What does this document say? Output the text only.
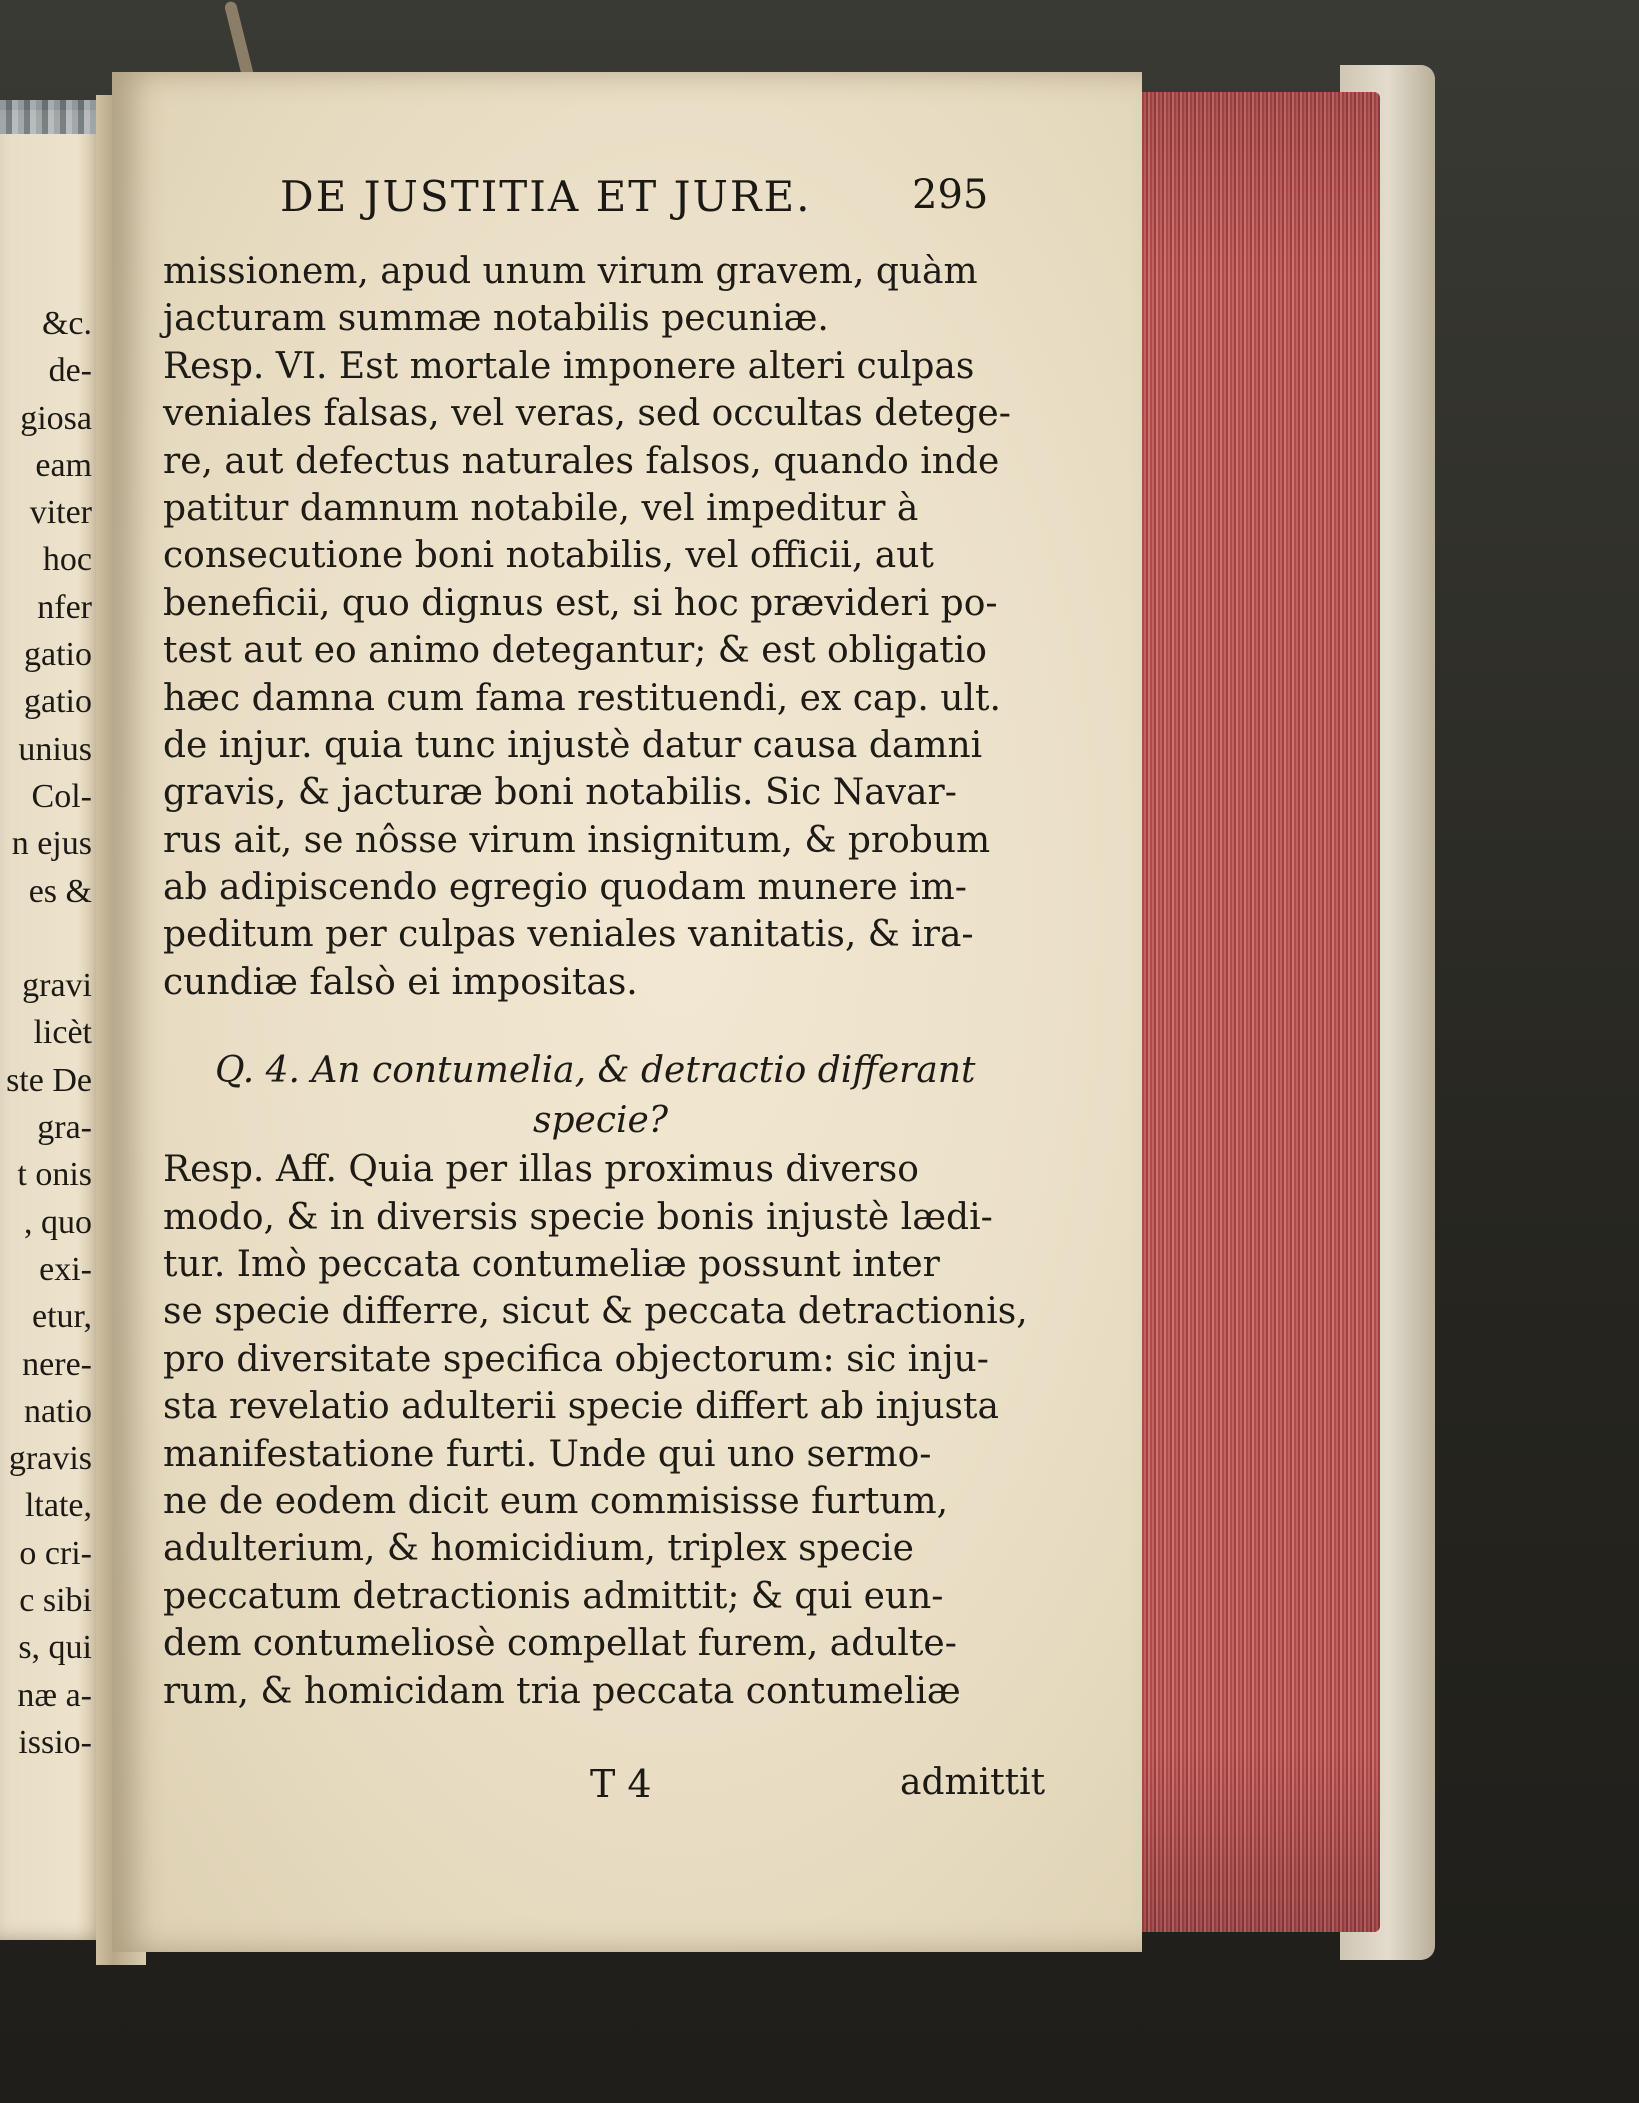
&c.
de-
giosa
eam
viter
hoc
nfer
gatio
gatio
unius
Col-
n ejus
es &
gravi
licèt
ste De
gra-
t onis
, quo
exi-
etur,
nere-
natio
gravis
ltate,
o cri-
c sibi
s, qui
næ a-
issio-
DE JUSTITIA ET JURE.	295
missionem, apud unum virum gravem, quàm
jacturam summæ notabilis pecuniæ.
Resp. VI. Est mortale imponere alteri culpas
veniales falsas, vel veras, sed occultas detege-
re, aut defectus naturales falsos, quando inde
patitur damnum notabile, vel impeditur à
consecutione boni notabilis, vel officii, aut
beneficii, quo dignus est, si hoc prævideri po-
test aut eo animo detegantur; & est obligatio
hæc damna cum fama restituendi, ex cap. ult.
de injur. quia tunc injustè datur causa damni
gravis, & jacturæ boni notabilis. Sic Navar-
rus ait, se nôsse virum insignitum, & probum
ab adipiscendo egregio quodam munere im-
peditum per culpas veniales vanitatis, & ira-
cundiæ falsò ei impositas.
Q. 4. An contumelia, & detractio differant
specie?
Resp. Aff. Quia per illas proximus diverso
modo, & in diversis specie bonis injustè lædi-
tur. Imò peccata contumeliæ possunt inter
se specie differre, sicut & peccata detractionis,
pro diversitate specifica objectorum: sic inju-
sta revelatio adulterii specie differt ab injusta
manifestatione furti. Unde qui uno sermo-
ne de eodem dicit eum commisisse furtum,
adulterium, & homicidium, triplex specie
peccatum detractionis admittit; & qui eun-
dem contumeliosè compellat furem, adulte-
rum, & homicidam tria peccata contumeliæ
T 4	admittit
